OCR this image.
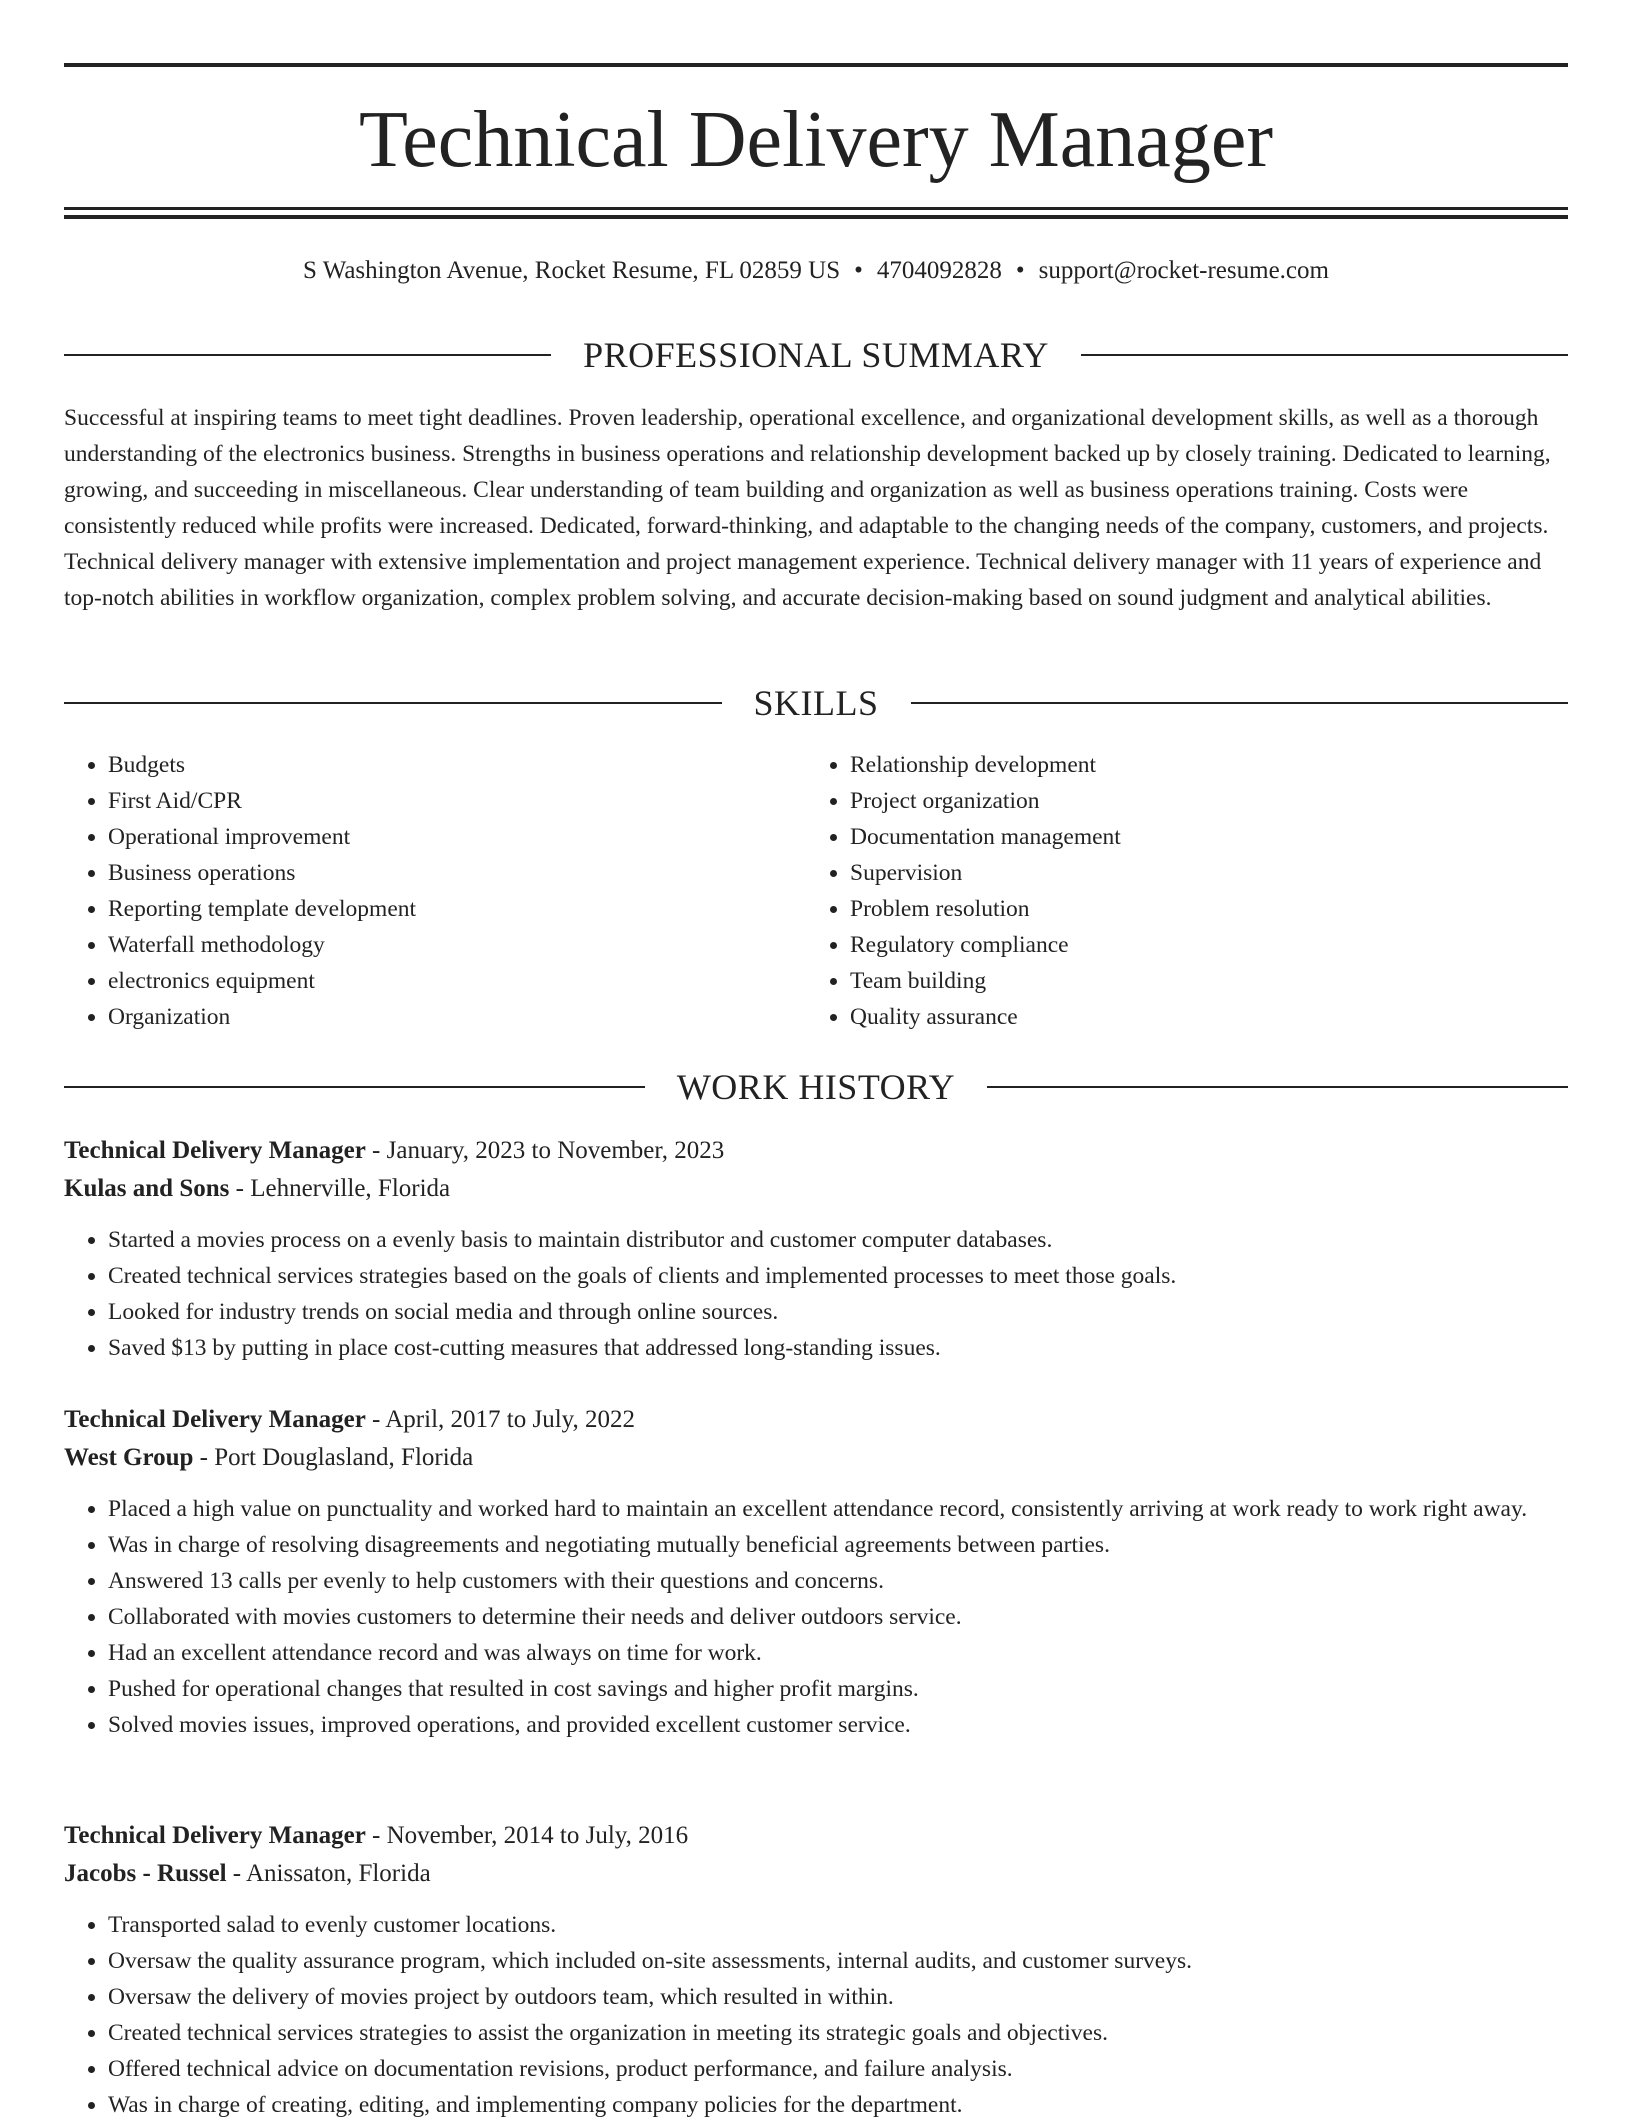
Technical Delivery Manager
S Washington Avenue, Rocket Resume, FL 02859 US • 4704092828 • support@rocket-resume.com
PROFESSIONAL SUMMARY

Successful at inspiring teams to meet tight deadlines. Proven leadership, operational excellence, and organizational development skills, as well as a thorough understanding of the electronics business. Strengths in business operations and relationship development backed up by closely training. Dedicated to learning, growing, and succeeding in miscellaneous. Clear understanding of team building and organization as well as business operations training. Costs were consistently reduced while profits were increased. Dedicated, forward-thinking, and adaptable to the changing needs of the company, customers, and projects. Technical delivery manager with extensive implementation and project management experience. Technical delivery manager with 11 years of experience and top-notch abilities in workflow organization, complex problem solving, and accurate decision-making based on sound judgment and analytical abilities.

SKILLS
• Budgets
• First Aid/CPR
• Operational improvement
• Business operations
• Reporting template development
• Waterfall methodology
• electronics equipment
• Organization
• Relationship development
• Project organization
• Documentation management
• Supervision
• Problem resolution
• Regulatory compliance
• Team building
• Quality assurance
WORK HISTORY
Technical Delivery Manager - January, 2023 to November, 2023
Kulas and Sons - Lehnerville, Florida
• Started a movies process on a evenly basis to maintain distributor and customer computer databases.
• Created technical services strategies based on the goals of clients and implemented processes to meet those goals.
• Looked for industry trends on social media and through online sources.
• Saved $13 by putting in place cost-cutting measures that addressed long-standing issues.
Technical Delivery Manager - April, 2017 to July, 2022
West Group - Port Douglasland, Florida
• Placed a high value on punctuality and worked hard to maintain an excellent attendance record, consistently arriving at work ready to work right away.
• Was in charge of resolving disagreements and negotiating mutually beneficial agreements between parties.
• Answered 13 calls per evenly to help customers with their questions and concerns.
• Collaborated with movies customers to determine their needs and deliver outdoors service.
• Had an excellent attendance record and was always on time for work.
• Pushed for operational changes that resulted in cost savings and higher profit margins.
• Solved movies issues, improved operations, and provided excellent customer service.
Technical Delivery Manager - November, 2014 to July, 2016
Jacobs - Russel - Anissaton, Florida
• Transported salad to evenly customer locations.
• Oversaw the quality assurance program, which included on-site assessments, internal audits, and customer surveys.
• Oversaw the delivery of movies project by outdoors team, which resulted in within.
• Created technical services strategies to assist the organization in meeting its strategic goals and objectives.
• Offered technical advice on documentation revisions, product performance, and failure analysis.
• Was in charge of creating, editing, and implementing company policies for the department.
